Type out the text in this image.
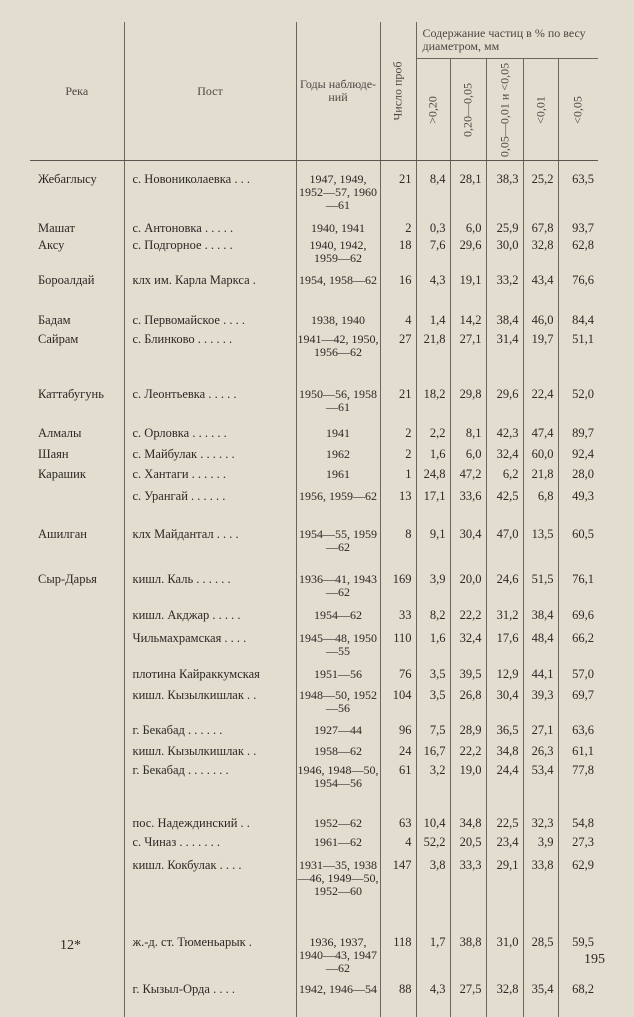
Река	Пост	Годы наблюде- ний	Число проб	Содержание частиц в % по весу диаметром, мм				

				>0,20	0,20—0,05	0,05—0,01 и <0,05	<0,01	<0,05

Жебаглысу	с. Новониколаевка . . .	1947, 1949, 1952—57, 1960—61	21	8,4	28,1	38,3	25,2	63,5
Машат	с. Антоновка . . . . .	1940, 1941	2	0,3	6,0	25,9	67,8	93,7
Аксу	с. Подгорное . . . . .	1940, 1942, 1959—62	18	7,6	29,6	30,0	32,8	62,8
Бороалдай	клх им. Карла Маркса .	1954, 1958—62	16	4,3	19,1	33,2	43,4	76,6
Бадам	с. Первомайское . . . .	1938, 1940	4	1,4	14,2	38,4	46,0	84,4
Сайрам	с. Блинково . . . . . .	1941—42, 1950, 1956—62	27	21,8	27,1	31,4	19,7	51,1
Каттабугунь	с. Леонтьевка . . . . .	1950—56, 1958—61	21	18,2	29,8	29,6	22,4	52,0
Алмалы	с. Орловка . . . . . .	1941	2	2,2	8,1	42,3	47,4	89,7
Шаян	с. Майбулак . . . . . .	1962	2	1,6	6,0	32,4	60,0	92,4
Карашик	с. Хантаги . . . . . .	1961	1	24,8	47,2	6,2	21,8	28,0
	с. Урангай . . . . . .	1956, 1959—62	13	17,1	33,6	42,5	6,8	49,3
Ашилган	клх Майдантал . . . .	1954—55, 1959—62	8	9,1	30,4	47,0	13,5	60,5
Сыр-Дарья	кишл. Каль . . . . . .	1936—41, 1943—62	169	3,9	20,0	24,6	51,5	76,1
	кишл. Акджар . . . . .	1954—62	33	8,2	22,2	31,2	38,4	69,6
	Чильмахрамская . . . .	1945—48, 1950—55	110	1,6	32,4	17,6	48,4	66,2
	плотина Кайраккумская	1951—56	76	3,5	39,5	12,9	44,1	57,0
	кишл. Кызылкишлак . .	1948—50, 1952—56	104	3,5	26,8	30,4	39,3	69,7
	г. Бекабад . . . . . .	1927—44	96	7,5	28,9	36,5	27,1	63,6
	кишл. Кызылкишлак . .	1958—62	24	16,7	22,2	34,8	26,3	61,1
	г. Бекабад . . . . . . .	1946, 1948—50, 1954—56	61	3,2	19,0	24,4	53,4	77,8
	пос. Надеждинский . .	1952—62	63	10,4	34,8	22,5	32,3	54,8
	с. Чиназ . . . . . . .	1961—62	4	52,2	20,5	23,4	3,9	27,3
	кишл. Кокбулак . . . .	1931—35, 1938—46, 1949—50, 1952—60	147	3,8	33,3	29,1	33,8	62,9
	ж.-д. ст. Тюменьарык .	1936, 1937, 1940—43, 1947—62	118	1,7	38,8	31,0	28,5	59,5
	г. Кызыл-Орда . . . .	1942, 1946—54	88	4,3	27,5	32,8	35,4	68,2
12*
195
